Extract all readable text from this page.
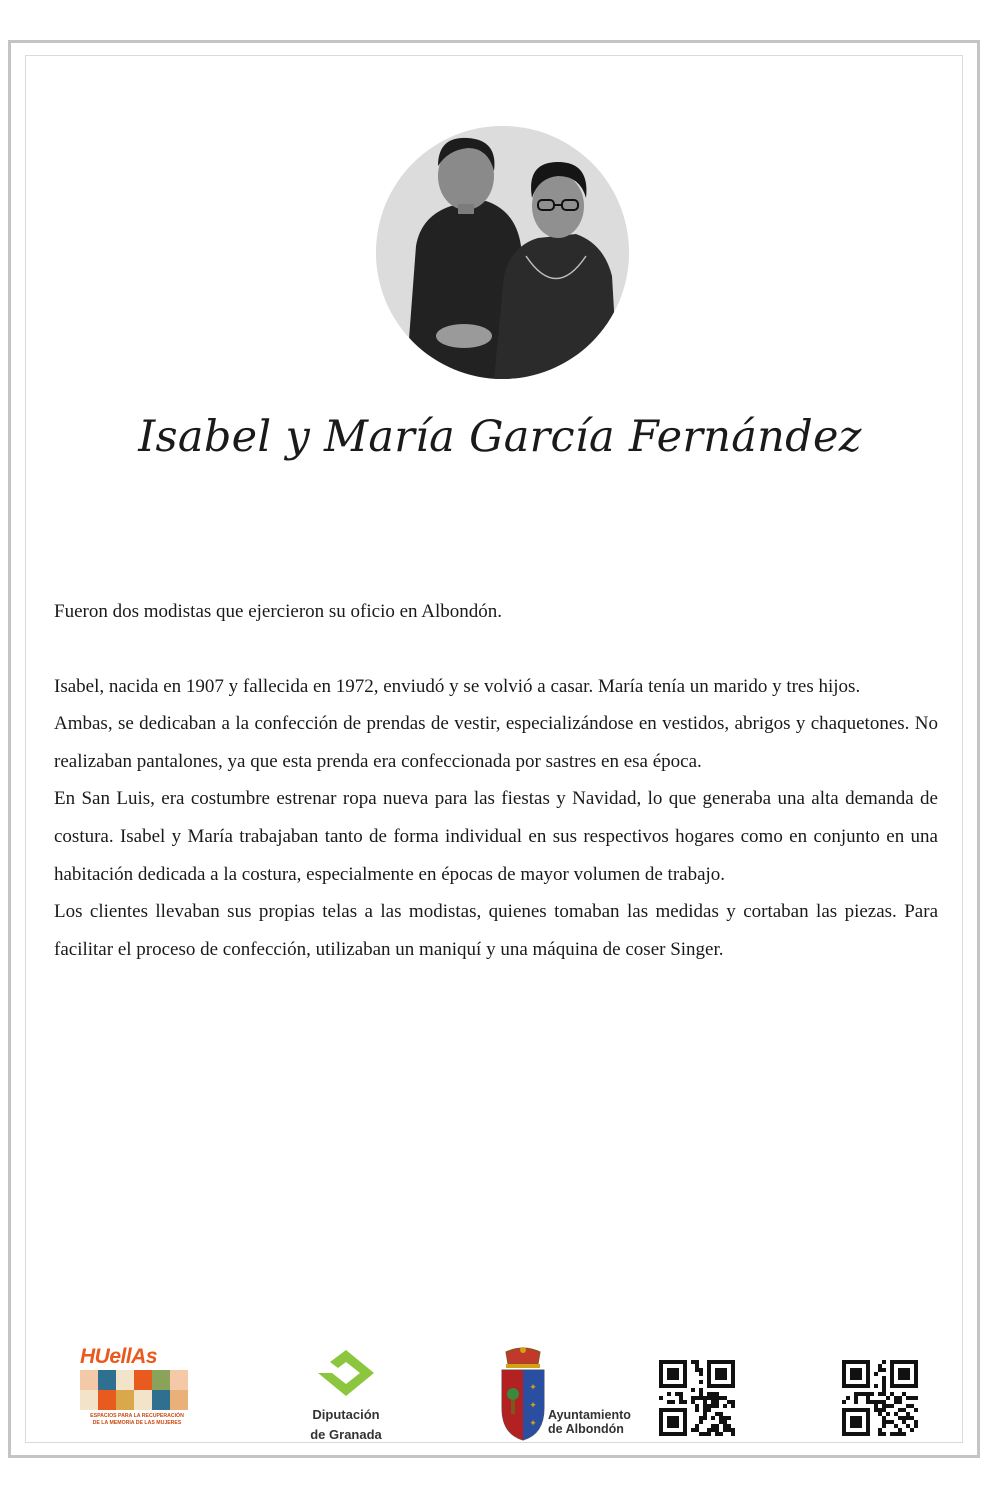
Isabel y María García Fernández

Fueron dos modistas que ejercieron su oficio en Albondón.

Isabel, nacida en 1907 y fallecida en 1972, enviudó y se volvió a casar. María tenía un marido y tres hijos.

Ambas, se dedicaban a la confección de prendas de vestir, especializándose en vestidos, abrigos y chaquetones. No realizaban pantalones, ya que esta prenda era confeccionada por sastres en esa época.

En San Luis, era costumbre estrenar ropa nueva para las fiestas y Navidad, lo que generaba una alta demanda de costura. Isabel y María trabajaban tanto de forma individual en sus respectivos hogares como en conjunto en una habitación dedicada a la costura, especialmente en épocas de mayor volumen de trabajo.

Los clientes llevaban sus propias telas a las modistas, quienes tomaban las medidas y cortaban las piezas. Para facilitar el proceso de confección, utilizaban un maniquí y una máquina de coser Singer.

HUellAs
ESPACIOS PARA LA RECUPERACIÓN
DE LA MEMORIA DE LAS MUJERES
Diputación
de Granada
✦
✦
✦
Ayuntamiento
de Albondón
